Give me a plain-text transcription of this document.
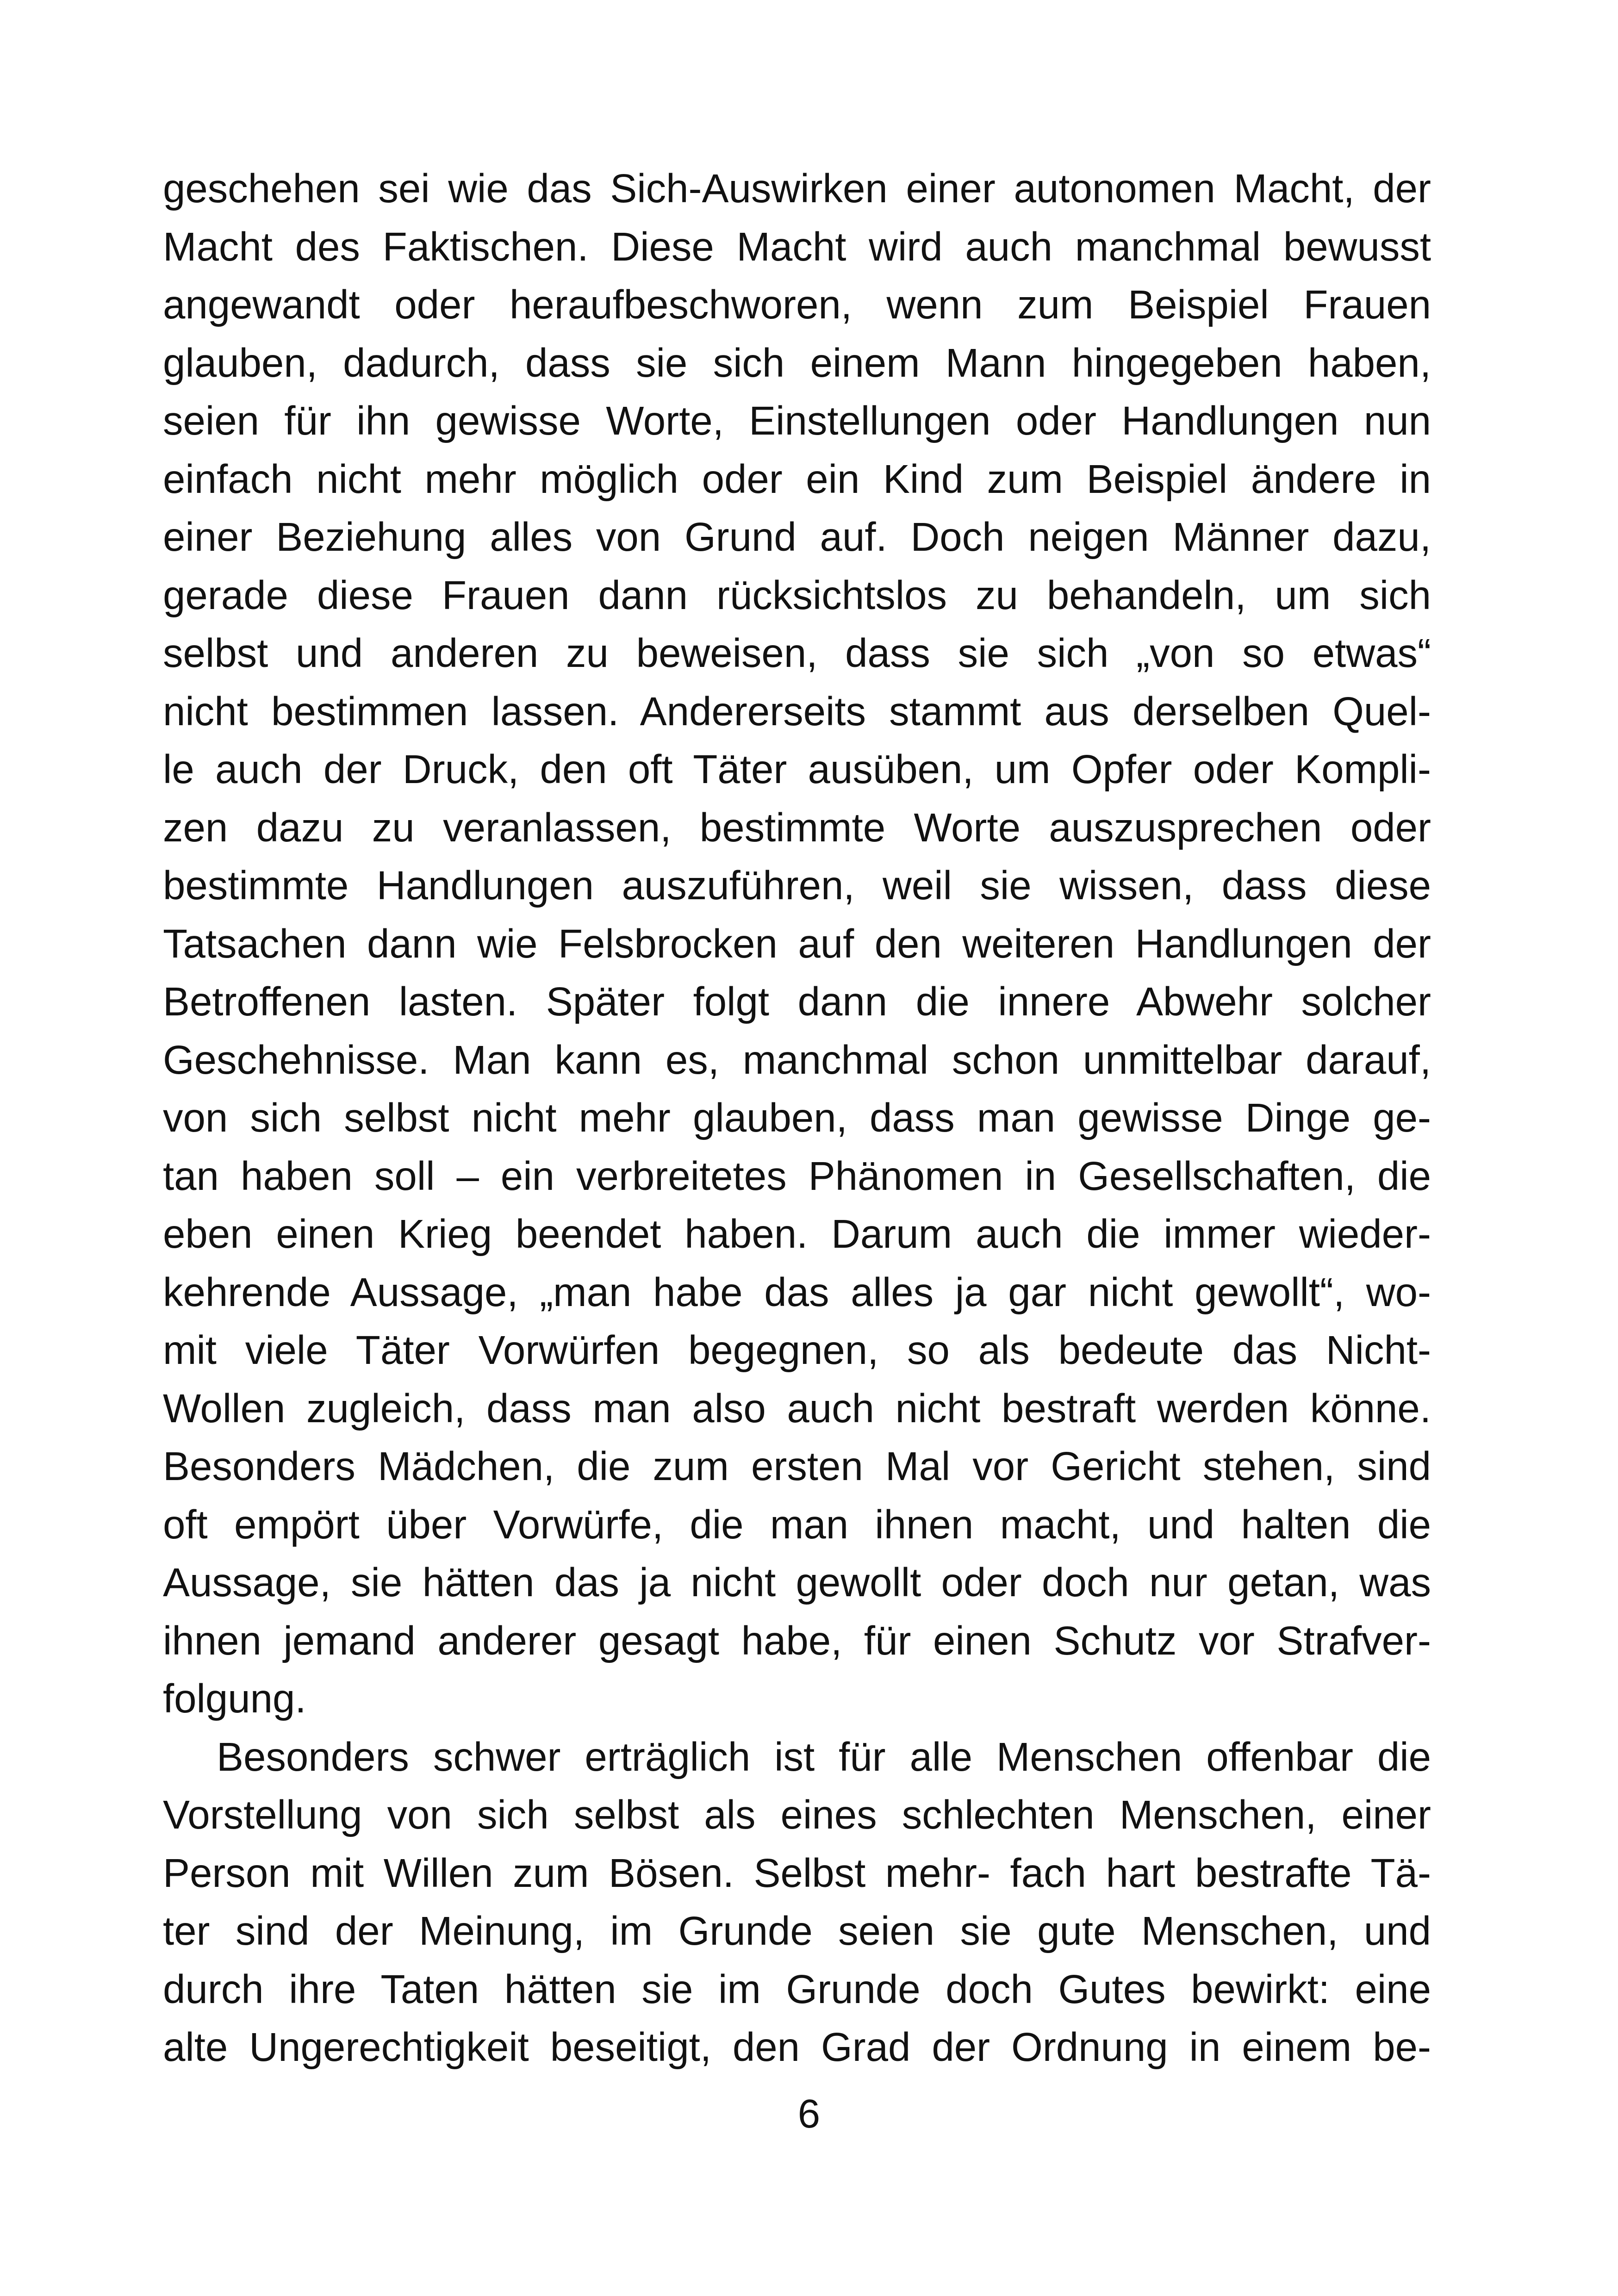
geschehen sei wie das Sich-Auswirken einer autonomen Macht, der
Macht des Faktischen. Diese Macht wird auch manchmal bewusst
angewandt oder heraufbeschworen, wenn zum Beispiel Frauen
glauben, dadurch, dass sie sich einem Mann hingegeben haben,
seien für ihn gewisse Worte, Einstellungen oder Handlungen nun
einfach nicht mehr möglich oder ein Kind zum Beispiel ändere in
einer Beziehung alles von Grund auf. Doch neigen Männer dazu,
gerade diese Frauen dann rücksichtslos zu behandeln, um sich
selbst und anderen zu beweisen, dass sie sich „von so etwas“
nicht bestimmen lassen. Andererseits stammt aus derselben Quel-
le auch der Druck, den oft Täter ausüben, um Opfer oder Kompli-
zen dazu zu veranlassen, bestimmte Worte auszusprechen oder
bestimmte Handlungen auszuführen, weil sie wissen, dass diese
Tatsachen dann wie Felsbrocken auf den weiteren Handlungen der
Betroffenen lasten. Später folgt dann die innere Abwehr solcher
Geschehnisse. Man kann es, manchmal schon unmittelbar darauf,
von sich selbst nicht mehr glauben, dass man gewisse Dinge ge-
tan haben soll – ein verbreitetes Phänomen in Gesellschaften, die
eben einen Krieg beendet haben. Darum auch die immer wieder-
kehrende Aussage, „man habe das alles ja gar nicht gewollt“, wo-
mit viele Täter Vorwürfen begegnen, so als bedeute das Nicht-
Wollen zugleich, dass man also auch nicht bestraft werden könne.
Besonders Mädchen, die zum ersten Mal vor Gericht stehen, sind
oft empört über Vorwürfe, die man ihnen macht, und halten die
Aussage, sie hätten das ja nicht gewollt oder doch nur getan, was
ihnen jemand anderer gesagt habe, für einen Schutz vor Strafver-
folgung.
Besonders schwer erträglich ist für alle Menschen offenbar die
Vorstellung von sich selbst als eines schlechten Menschen, einer
Person mit Willen zum Bösen. Selbst mehr- fach hart bestrafte Tä-
ter sind der Meinung, im Grunde seien sie gute Menschen, und
durch ihre Taten hätten sie im Grunde doch Gutes bewirkt: eine
alte Ungerechtigkeit beseitigt, den Grad der Ordnung in einem be-
6
